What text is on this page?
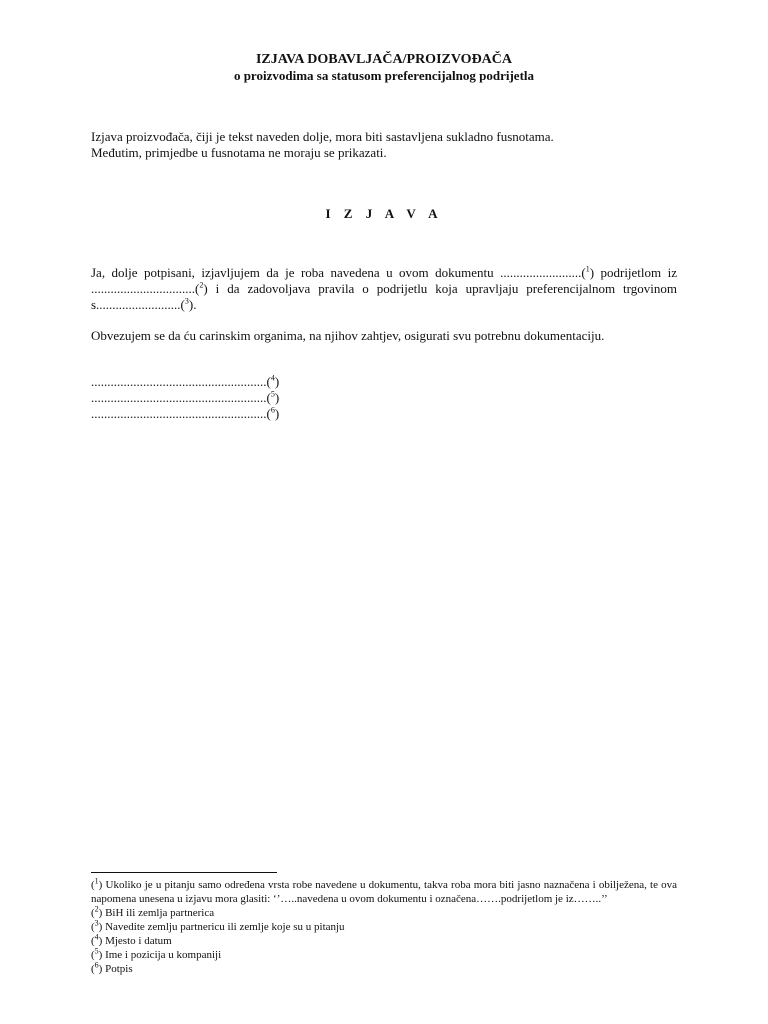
IZJAVA DOBAVLJAČA/PROIZVOĐAČA
o proizvodima sa statusom preferencijalnog podrijetla
Izjava proizvođača, čiji je tekst naveden dolje, mora biti sastavljena sukladno fusnotama.
Međutim, primjedbe u fusnotama ne moraju se prikazati.
I Z J A V A
Ja, dolje potpisani, izjavljujem da je roba navedena u ovom dokumentu .........................($^1$) podrijetlom iz ................................($^2$) i da zadovoljava pravila o podrijetlu koja upravljaju preferencijalnom trgovinom s..........................($^3$).
Obvezujem se da ću carinskim organima, na njihov zahtjev, osigurati svu potrebnu dokumentaciju.
......................................................($^4$)
......................................................($^5$)
......................................................($^6$)
($^1$) Ukoliko je u pitanju samo određena vrsta robe navedene u dokumentu, takva roba mora biti jasno naznačena i obilježena, te ova napomena unesena u izjavu mora glasiti: ‘’…..navedena u ovom dokumentu i označena…….podrijetlom je iz……..’’
($^2$) BiH ili zemlja partnerica
($^3$) Navedite zemlju partnericu ili zemlje koje su u pitanju
($^4$) Mjesto i datum
($^5$) Ime i pozicija u kompaniji
($^6$) Potpis
